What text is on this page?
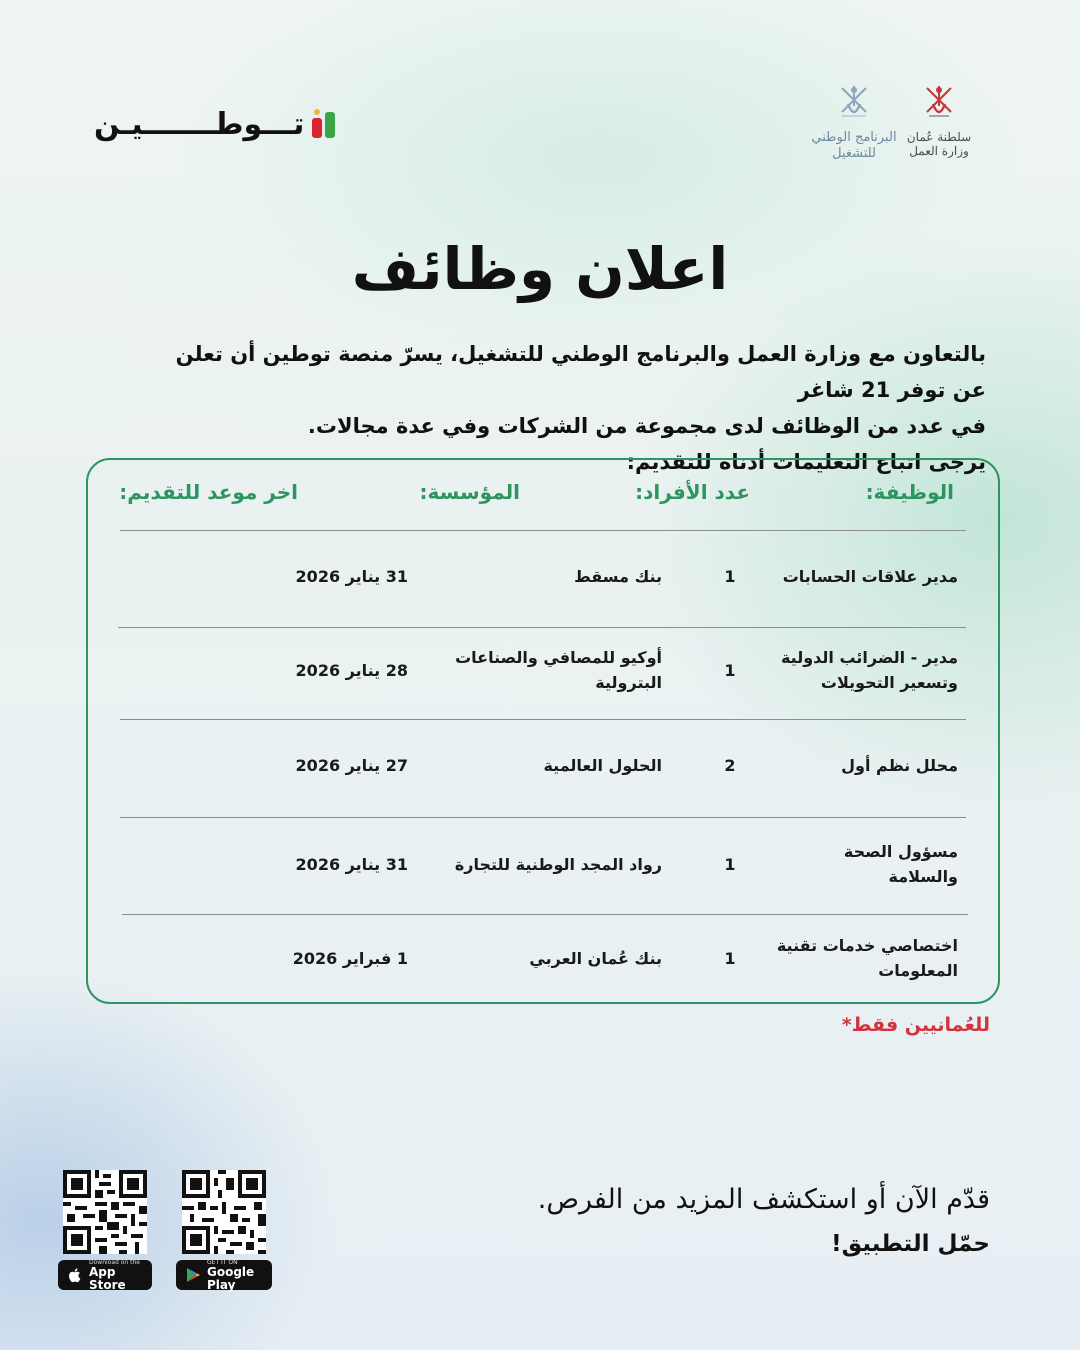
سلطنة عُمان
وزارة العمل
البرنامج الوطني
للتشغيل
تـــوطـــــــيـن
اعلان وظائف

بالتعاون مع وزارة العمل والبرنامج الوطني للتشغيل، يسرّ منصة توطين أن تعلن عن توفر 21 شاغر

في عدد من الوظائف لدى مجموعة من الشركات وفي عدة مجالات.

يرجى اتباع التعليمات أدناه للتقديم:

الوظيفة:
عدد الأفراد:
المؤسسة:
اخر موعد للتقديم:
مدير علاقات الحسابات
1
بنك مسقط
31 يناير 2026
مدير - الضرائب الدولية وتسعير التحويلات
1
أوكيو للمصافي والصناعات البترولية
28 يناير 2026
محلل نظم أول
2
الحلول العالمية
27 يناير 2026
مسؤول الصحة والسلامة
1
رواد المجد الوطنية للتجارة
31 يناير 2026
اختصاصي خدمات تقنية المعلومات
1
بنك عُمان العربي
1 فبراير 2026
للعُمانيين فقط*
قدّم الآن أو استكشف المزيد من الفرص.
حمّل التطبيق!
Download on the
App Store
GET IT ON
Google Play
